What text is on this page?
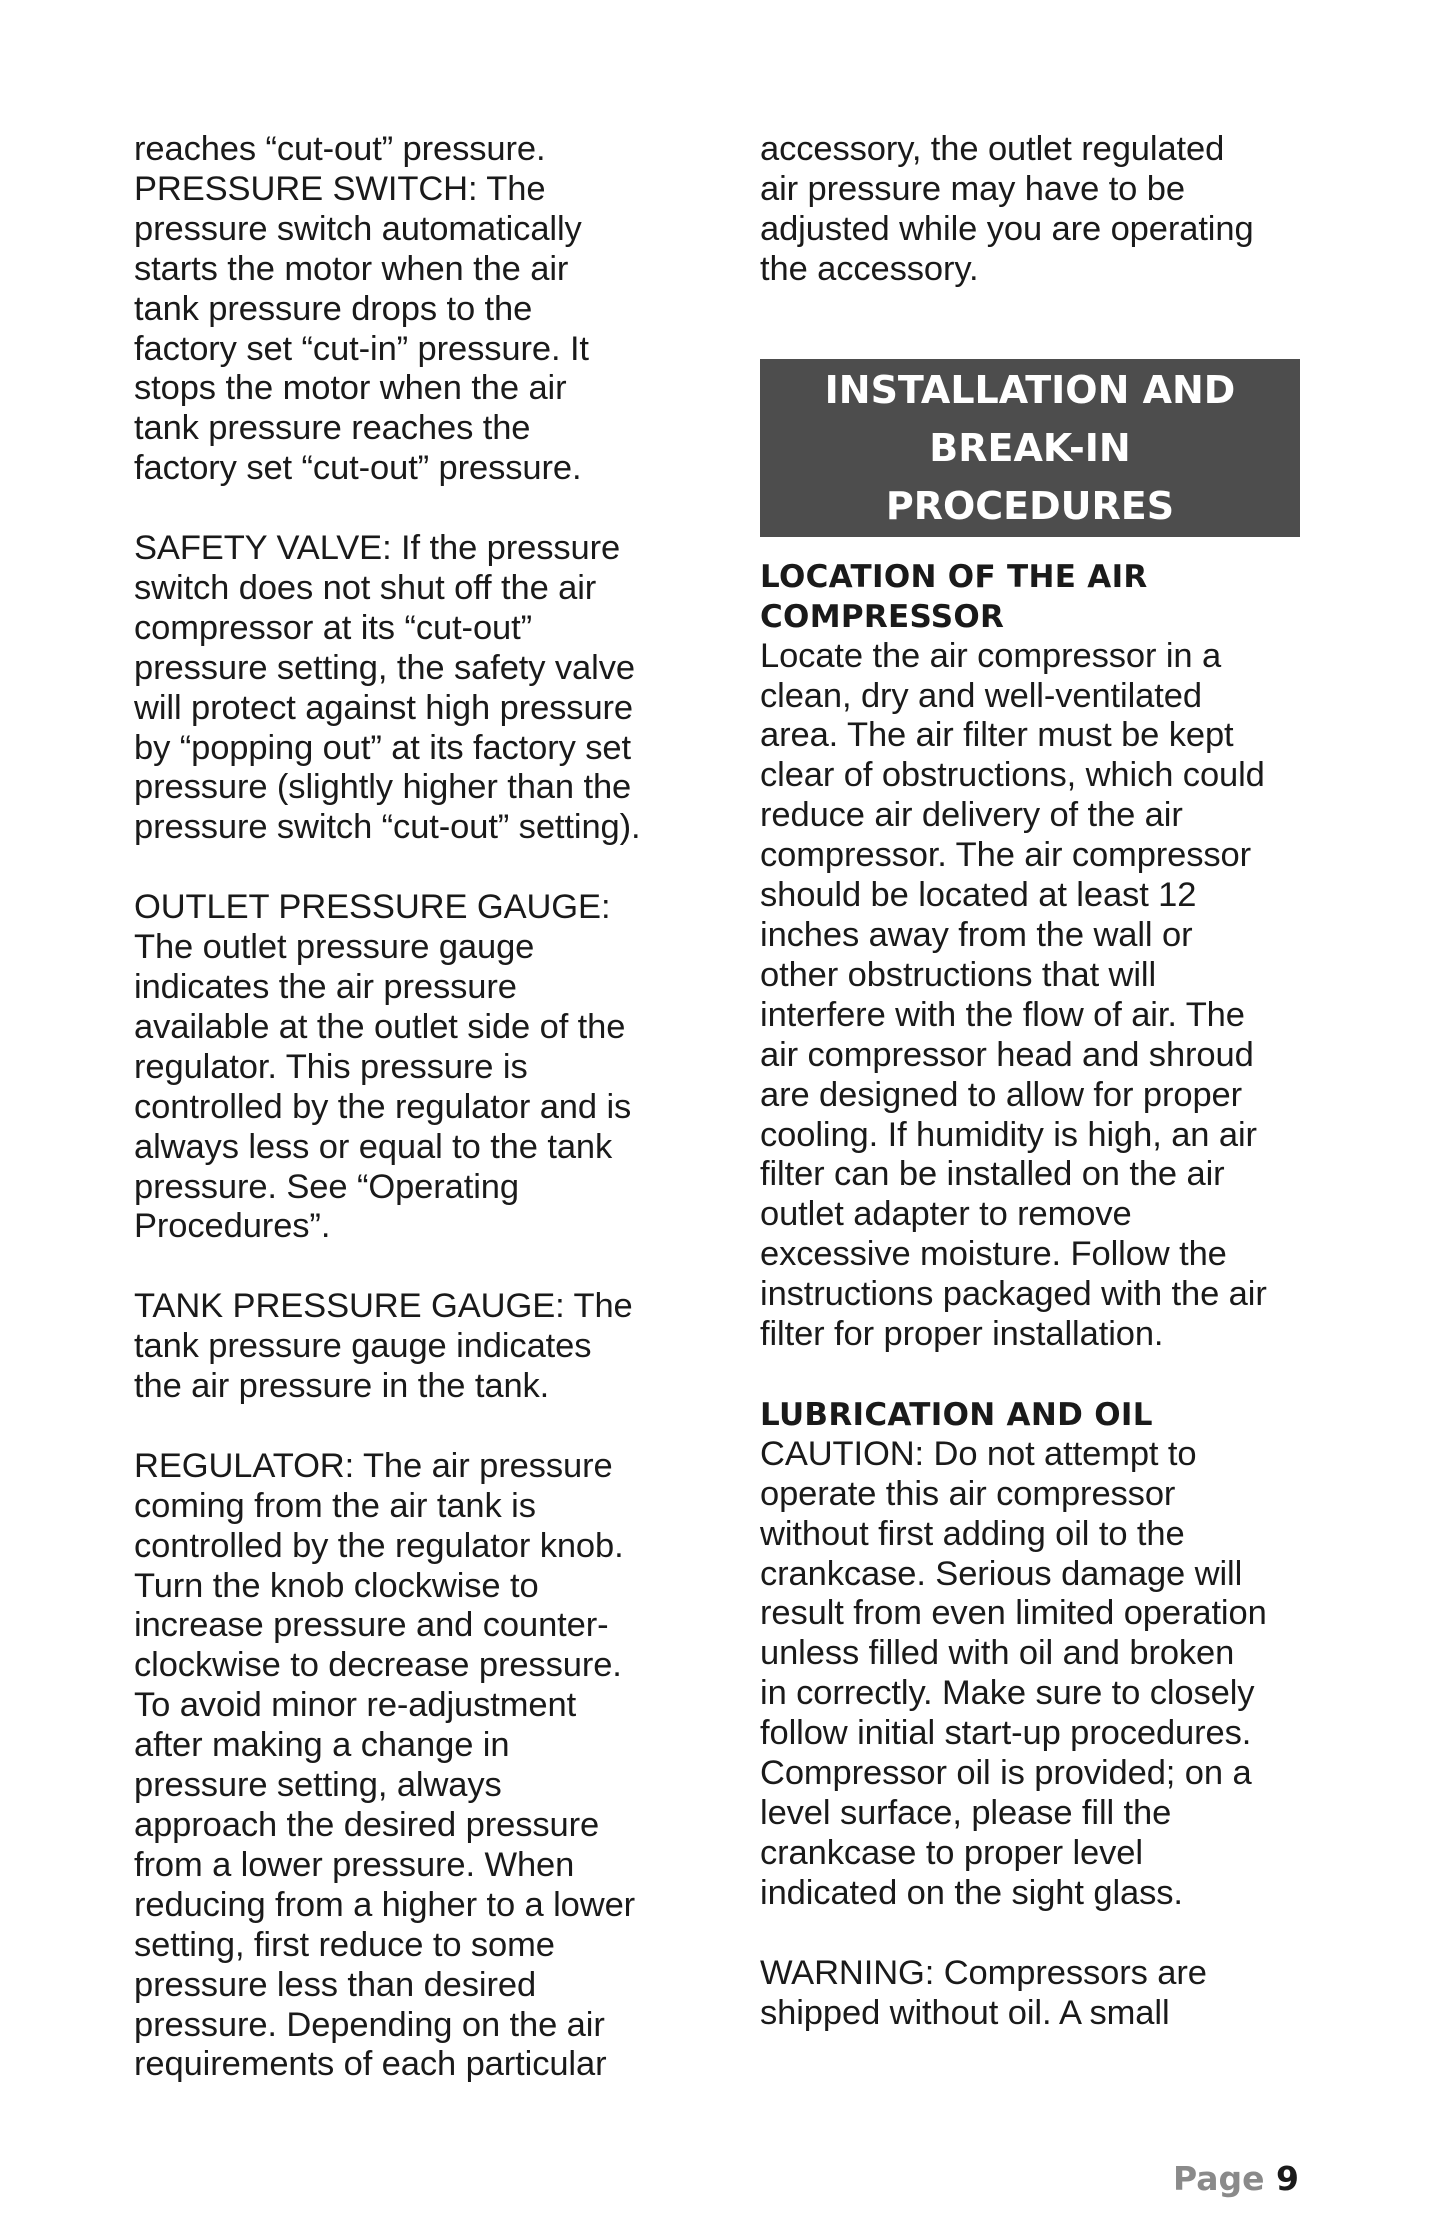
reaches “cut-out” pressure.
PRESSURE SWITCH: The
pressure switch automatically
starts the motor when the air
tank pressure drops to the
factory set “cut-in” pressure. It
stops the motor when the air
tank pressure reaches the
factory set “cut-out” pressure.

SAFETY VALVE: If the pressure
switch does not shut off the air
compressor at its “cut-out”
pressure setting, the safety valve
will protect against high pressure
by “popping out” at its factory set
pressure (slightly higher than the
pressure switch “cut-out” setting).

OUTLET PRESSURE GAUGE:
The outlet pressure gauge
indicates the air pressure
available at the outlet side of the
regulator. This pressure is
controlled by the regulator and is
always less or equal to the tank
pressure. See “Operating
Procedures”.

TANK PRESSURE GAUGE: The
tank pressure gauge indicates
the air pressure in the tank.

REGULATOR: The air pressure
coming from the air tank is
controlled by the regulator knob.
Turn the knob clockwise to
increase pressure and counter-
clockwise to decrease pressure.
To avoid minor re-adjustment
after making a change in
pressure setting, always
approach the desired pressure
from a lower pressure. When
reducing from a higher to a lower
setting, first reduce to some
pressure less than desired
pressure. Depending on the air
requirements of each particular

accessory, the outlet regulated
air pressure may have to be
adjusted while you are operating
the accessory.

INSTALLATION AND
BREAK-IN
PROCEDURES

LOCATION OF THE AIR
COMPRESSOR

Locate the air compressor in a
clean, dry and well-ventilated
area. The air filter must be kept
clear of obstructions, which could
reduce air delivery of the air
compressor. The air compressor
should be located at least 12
inches away from the wall or
other obstructions that will
interfere with the flow of air. The
air compressor head and shroud
are designed to allow for proper
cooling. If humidity is high, an air
filter can be installed on the air
outlet adapter to remove
excessive moisture. Follow the
instructions packaged with the air
filter for proper installation.

LUBRICATION AND OIL

CAUTION: Do not attempt to
operate this air compressor
without first adding oil to the
crankcase. Serious damage will
result from even limited operation
unless filled with oil and broken
in correctly. Make sure to closely
follow initial start-up procedures.
Compressor oil is provided; on a
level surface, please fill the
crankcase to proper level
indicated on the sight glass.

WARNING: Compressors are
shipped without oil. A small

Page 9
